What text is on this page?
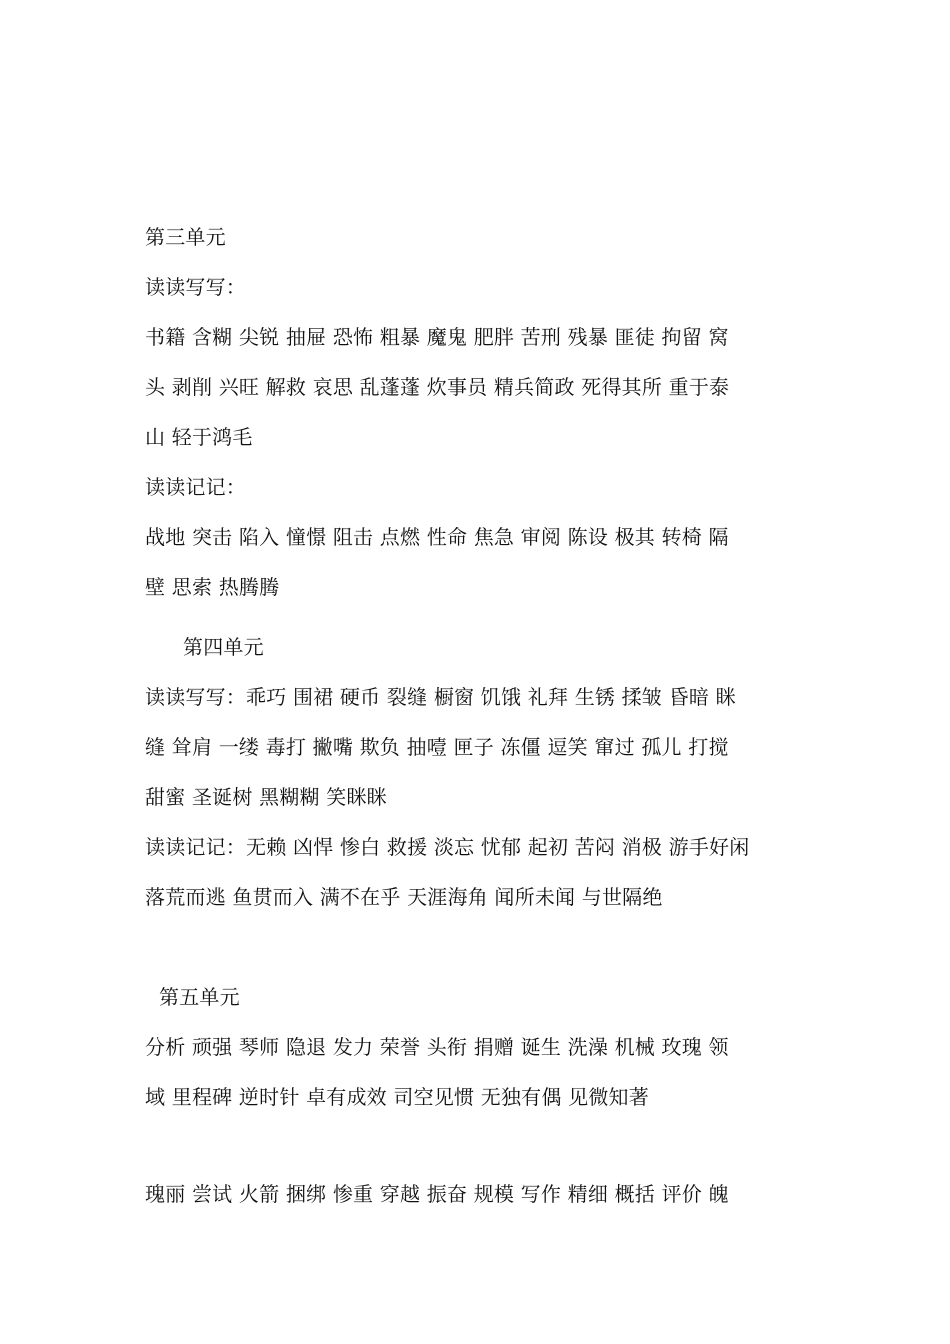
第三单元
读读写写：
书籍 含糊 尖锐 抽屉 恐怖 粗暴 魔鬼 肥胖 苦刑 残暴 匪徒 拘留 窝
头 剥削 兴旺 解救 哀思 乱蓬蓬 炊事员 精兵简政 死得其所 重于泰
山 轻于鸿毛
读读记记：
战地 突击 陷入 憧憬 阻击 点燃 性命 焦急 审阅 陈设 极其 转椅 隔
壁 思索 热腾腾
第四单元
读读写写：乖巧 围裙 硬币 裂缝 橱窗 饥饿 礼拜 生锈 揉皱 昏暗 眯
缝 耸肩 一缕 毒打 撇嘴 欺负 抽噎 匣子 冻僵 逗笑 窜过 孤儿 打搅
甜蜜 圣诞树 黑糊糊 笑眯眯
读读记记：无赖 凶悍 惨白 救援 淡忘 忧郁 起初 苦闷 消极 游手好闲
落荒而逃 鱼贯而入 满不在乎 天涯海角 闻所未闻 与世隔绝
第五单元
分析 顽强 琴师 隐退 发力 荣誉 头衔 捐赠 诞生 洗澡 机械 玫瑰 领
域 里程碑 逆时针 卓有成效 司空见惯 无独有偶 见微知著
瑰丽 尝试 火箭 捆绑 惨重 穿越 振奋 规模 写作 精细 概括 评价 魄
